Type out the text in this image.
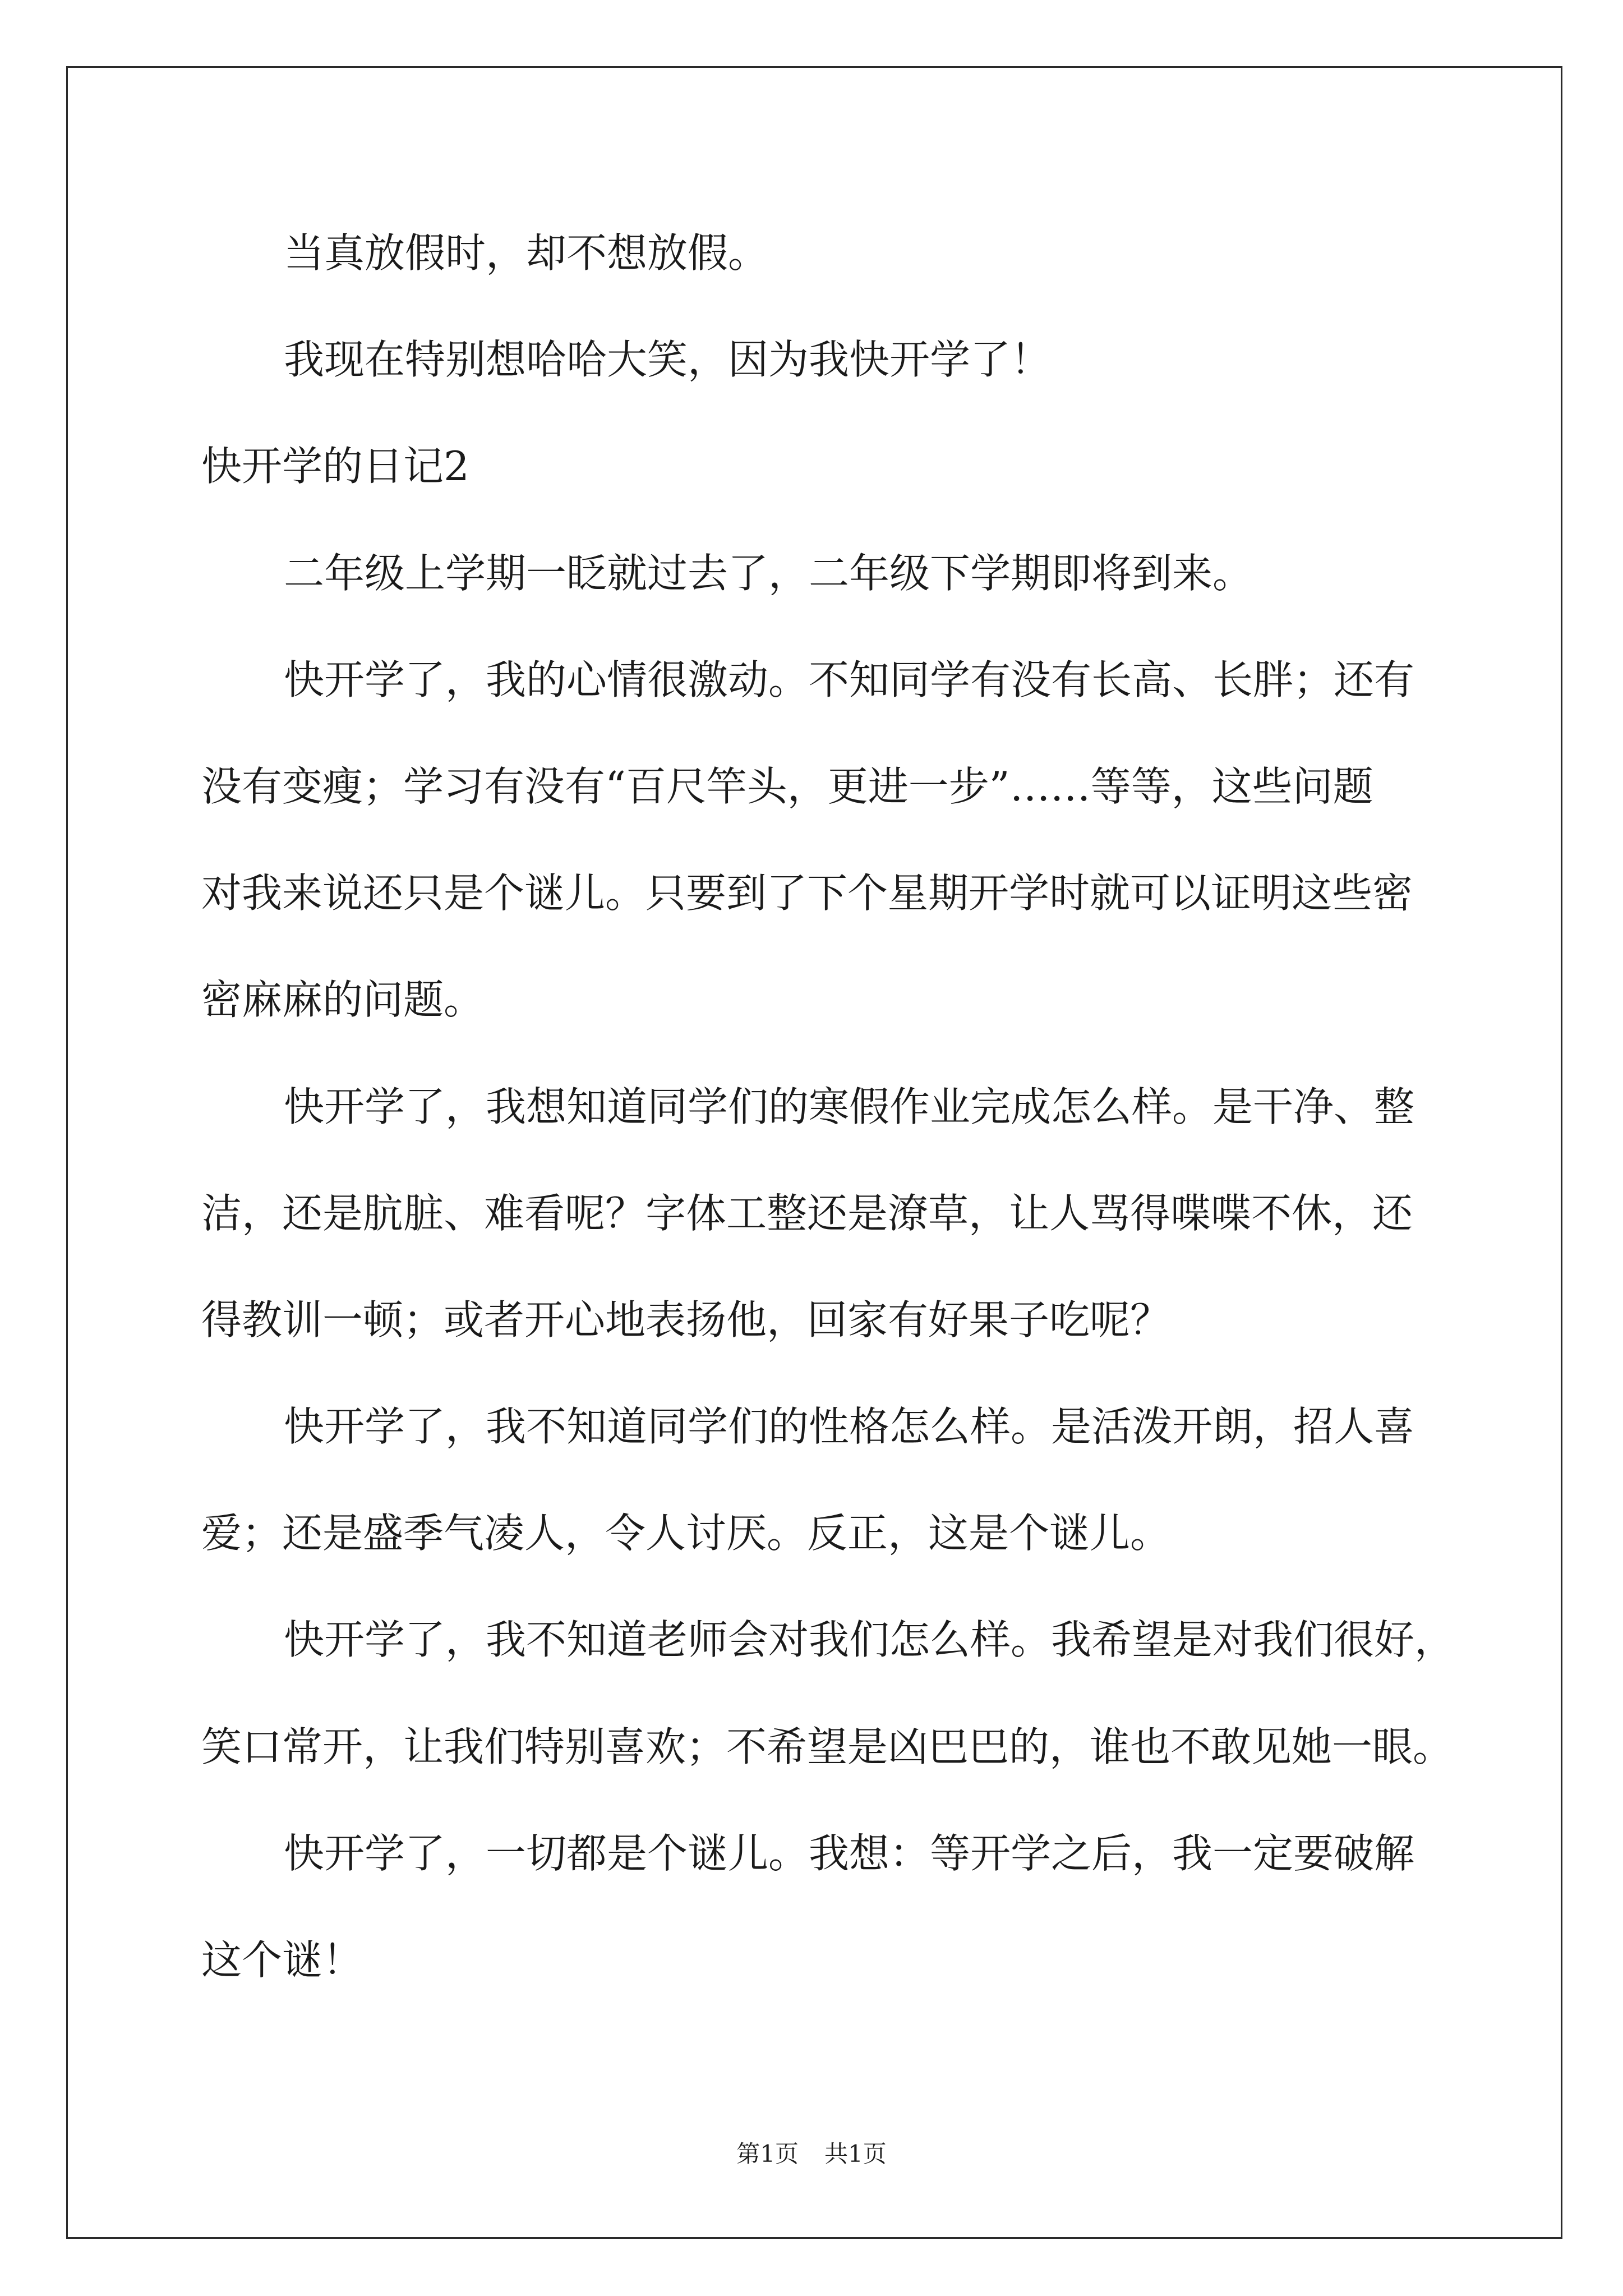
当真放假时，却不想放假。
我现在特别想哈哈大笑，因为我快开学了！
快开学的日记2
二年级上学期一眨就过去了，二年级下学期即将到来。
快开学了，我的心情很激动。不知同学有没有长高、长胖；还有
没有变瘦；学习有没有“百尺竿头，更进一步”……等等，这些问题
对我来说还只是个谜儿。只要到了下个星期开学时就可以证明这些密
密麻麻的问题。
快开学了，我想知道同学们的寒假作业完成怎么样。是干净、整
洁，还是肮脏、难看呢？字体工整还是潦草，让人骂得喋喋不休，还
得教训一顿；或者开心地表扬他，回家有好果子吃呢？
快开学了，我不知道同学们的性格怎么样。是活泼开朗，招人喜
爱；还是盛季气凌人，令人讨厌。反正，这是个谜儿。
快开学了，我不知道老师会对我们怎么样。我希望是对我们很好，
笑口常开，让我们特别喜欢；不希望是凶巴巴的，谁也不敢见她一眼。
快开学了，一切都是个谜儿。我想：等开学之后，我一定要破解
这个谜！
第1页 共1页
